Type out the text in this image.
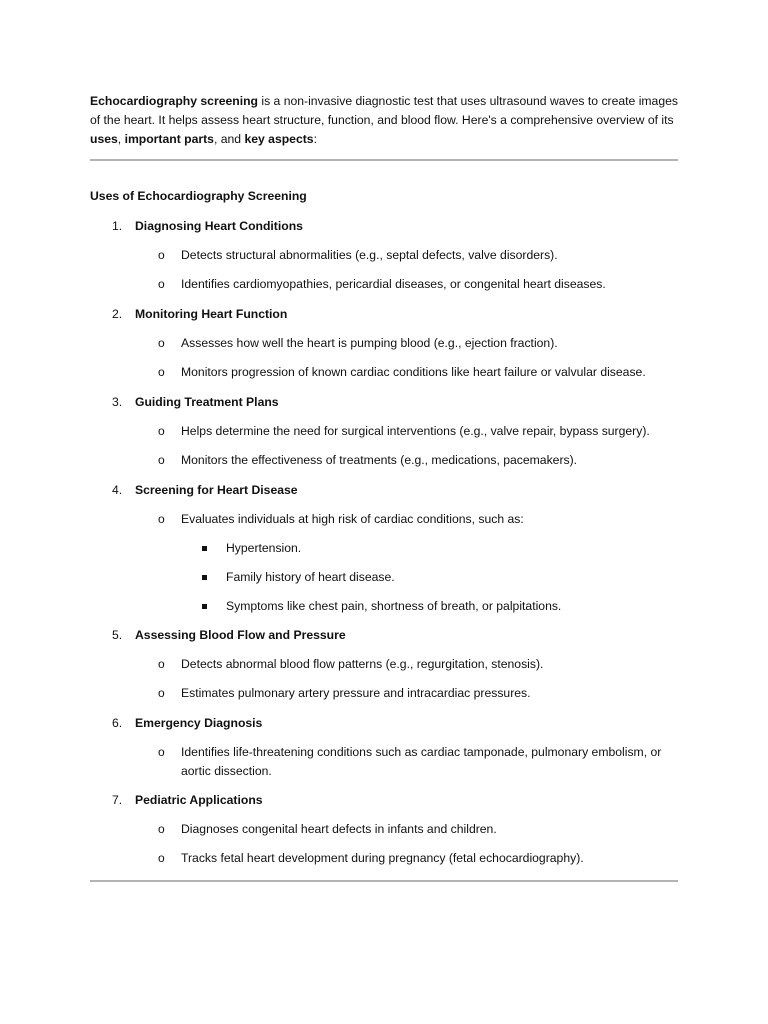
Echocardiography screening is a non-invasive diagnostic test that uses ultrasound waves to create images of the heart. It helps assess heart structure, function, and blood flow. Here's a comprehensive overview of its uses, important parts, and key aspects:

Uses of Echocardiography Screening
1.	Diagnosing Heart Conditions
o	Detects structural abnormalities (e.g., septal defects, valve disorders).
o	Identifies cardiomyopathies, pericardial diseases, or congenital heart diseases.
2.	Monitoring Heart Function
o	Assesses how well the heart is pumping blood (e.g., ejection fraction).
o	Monitors progression of known cardiac conditions like heart failure or valvular disease.
3.	Guiding Treatment Plans
o	Helps determine the need for surgical interventions (e.g., valve repair, bypass surgery).
o	Monitors the effectiveness of treatments (e.g., medications, pacemakers).
4.	Screening for Heart Disease
o	Evaluates individuals at high risk of cardiac conditions, such as:
Hypertension.
Family history of heart disease.
Symptoms like chest pain, shortness of breath, or palpitations.
5.	Assessing Blood Flow and Pressure
o	Detects abnormal blood flow patterns (e.g., regurgitation, stenosis).
o	Estimates pulmonary artery pressure and intracardiac pressures.
6.	Emergency Diagnosis
o	Identifies life-threatening conditions such as cardiac tamponade, pulmonary embolism, or aortic dissection.
7.	Pediatric Applications
o	Diagnoses congenital heart defects in infants and children.
o	Tracks fetal heart development during pregnancy (fetal echocardiography).
